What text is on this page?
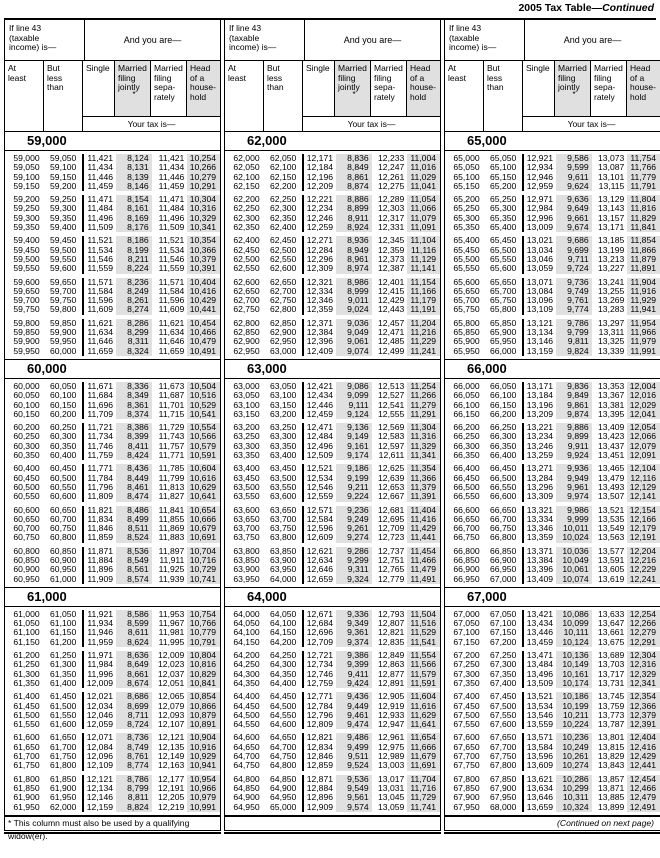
2005 Tax Table—Continued
If line 43
(taxable
income) is—
And you are—
At
least
But
less
than
Single Married
filing
jointly
*
Married
filing
sepa-
rately
Head
of a
house-
hold
Your tax is—
59,000
59,000	59,050	11,421	8,124	11,421 10,254
59,050	59,100	11,434	8,131	11,434 10,266
59,100	59,150	11,446	8,139	11,446 10,279
59,150	59,200	11,459	8,146	11,459 10,291
59,200	59,250	11,471	8,154	11,471 10,304
59,250	59,300	11,484	8,161	11,484 10,316
59,300	59,350	11,496	8,169	11,496 10,329
59,350	59,400	11,509	8,176	11,509 10,341
59,400	59,450	11,521	8,186	11,521 10,354
59,450	59,500	11,534	8,199	11,534 10,366
59,500	59,550	11,546	8,211	11,546 10,379
59,550	59,600	11,559	8,224	11,559 10,391
59,600	59,650	11,571	8,236	11,571 10,404
59,650	59,700	11,584	8,249	11,584 10,416
59,700	59,750	11,596	8,261	11,596 10,429
59,750	59,800	11,609	8,274	11,609 10,441
59,800	59,850	11,621	8,286	11,621 10,454
59,850	59,900	11,634	8,299	11,634 10,466
59,900	59,950	11,646	8,311	11,646 10,479
59,950	60,000	11,659	8,324	11,659 10,491
60,000
60,000	60,050	11,671	8,336	11,673 10,504
60,050	60,100	11,684	8,349	11,687 10,516
60,100	60,150	11,696	8,361	11,701 10,529
60,150	60,200	11,709	8,374	11,715 10,541
60,200	60,250	11,721	8,386	11,729 10,554
60,250	60,300	11,734	8,399	11,743 10,566
60,300	60,350	11,746	8,411	11,757 10,579
60,350	60,400	11,759	8,424	11,771 10,591
60,400	60,450	11,771	8,436	11,785 10,604
60,450	60,500	11,784	8,449	11,799 10,616
60,500	60,550	11,796	8,461	11,813 10,629
60,550	60,600	11,809	8,474	11,827 10,641
60,600	60,650	11,821	8,486	11,841 10,654
60,650	60,700	11,834	8,499	11,855 10,666
60,700	60,750	11,846	8,511	11,869 10,679
60,750	60,800	11,859	8,524	11,883 10,691
60,800	60,850	11,871	8,536	11,897 10,704
60,850	60,900	11,884	8,549	11,911 10,716
60,900	60,950	11,896	8,561	11,925 10,729
60,950	61,000	11,909	8,574	11,939 10,741
61,000
61,000	61,050	11,921	8,586	11,953 10,754
61,050	61,100	11,934	8,599	11,967 10,766
61,100	61,150	11,946	8,611	11,981 10,779
61,150	61,200	11,959	8,624	11,995 10,791
61,200	61,250	11,971	8,636	12,009 10,804
61,250	61,300	11,984	8,649	12,023 10,816
61,300	61,350	11,996	8,661	12,037 10,829
61,350	61,400	12,009	8,674	12,051 10,841
61,400	61,450	12,021	8,686	12,065 10,854
61,450	61,500	12,034	8,699	12,079 10,866
61,500	61,550	12,046	8,711	12,093 10,879
61,550	61,600	12,059	8,724	12,107 10,891
61,600	61,650	12,071	8,736	12,121 10,904
61,650	61,700	12,084	8,749	12,135 10,916
61,700	61,750	12,096	8,761	12,149 10,929
61,750	61,800	12,109	8,774	12,163 10,941
61,800	61,850	12,121	8,786	12,177 10,954
61,850	61,900	12,134	8,799	12,191 10,966
61,900	61,950	12,146	8,811	12,205 10,979
61,950	62,000	12,159	8,824	12,219 10,991
* This column must also be used by a qualifying widow(er).
If line 43
(taxable
income) is—
And you are—
At
least
But
less
than
Single Married
filing
jointly
*
Married
filing
sepa-
rately
Head
of a
house-
hold
Your tax is—
62,000
62,000	62,050	12,171	8,836	12,233 11,004
62,050	62,100	12,184	8,849	12,247 11,016
62,100	62,150	12,196	8,861	12,261 11,029
62,150	62,200	12,209	8,874	12,275 11,041
62,200	62,250	12,221	8,886	12,289 11,054
62,250	62,300	12,234	8,899	12,303 11,066
62,300	62,350	12,246	8,911	12,317 11,079
62,350	62,400	12,259	8,924	12,331 11,091
62,400	62,450	12,271	8,936	12,345 11,104
62,450	62,500	12,284	8,949	12,359 11,116
62,500	62,550	12,296	8,961	12,373 11,129
62,550	62,600	12,309	8,974	12,387 11,141
62,600	62,650	12,321	8,986	12,401 11,154
62,650	62,700	12,334	8,999	12,415 11,166
62,700	62,750	12,346	9,011	12,429 11,179
62,750	62,800	12,359	9,024	12,443 11,191
62,800	62,850	12,371	9,036	12,457 11,204
62,850	62,900	12,384	9,049	12,471 11,216
62,900	62,950	12,396	9,061	12,485 11,229
62,950	63,000	12,409	9,074	12,499 11,241
63,000
63,000	63,050	12,421	9,086	12,513 11,254
63,050	63,100	12,434	9,099	12,527 11,266
63,100	63,150	12,446	9,111	12,541 11,279
63,150	63,200	12,459	9,124	12,555 11,291
63,200	63,250	12,471	9,136	12,569 11,304
63,250	63,300	12,484	9,149	12,583 11,316
63,300	63,350	12,496	9,161	12,597 11,329
63,350	63,400	12,509	9,174	12,611 11,341
63,400	63,450	12,521	9,186	12,625 11,354
63,450	63,500	12,534	9,199	12,639 11,366
63,500	63,550	12,546	9,211	12,653 11,379
63,550	63,600	12,559	9,224	12,667 11,391
63,600	63,650	12,571	9,236	12,681 11,404
63,650	63,700	12,584	9,249	12,695 11,416
63,700	63,750	12,596	9,261	12,709 11,429
63,750	63,800	12,609	9,274	12,723 11,441
63,800	63,850	12,621	9,286	12,737 11,454
63,850	63,900	12,634	9,299	12,751 11,466
63,900	63,950	12,646	9,311	12,765 11,479
63,950	64,000	12,659	9,324	12,779 11,491
64,000
64,000	64,050	12,671	9,336	12,793 11,504
64,050	64,100	12,684	9,349	12,807 11,516
64,100	64,150	12,696	9,361	12,821 11,529
64,150	64,200	12,709	9,374	12,835 11,541
64,200	64,250	12,721	9,386	12,849 11,554
64,250	64,300	12,734	9,399	12,863 11,566
64,300	64,350	12,746	9,411	12,877 11,579
64,350	64,400	12,759	9,424	12,891 11,591
64,400	64,450	12,771	9,436	12,905 11,604
64,450	64,500	12,784	9,449	12,919 11,616
64,500	64,550	12,796	9,461	12,933 11,629
64,550	64,600	12,809	9,474	12,947 11,641
64,600	64,650	12,821	9,486	12,961 11,654
64,650	64,700	12,834	9,499	12,975 11,666
64,700	64,750	12,846	9,511	12,989 11,679
64,750	64,800	12,859	9,524	13,003 11,691
64,800	64,850	12,871	9,536	13,017 11,704
64,850	64,900	12,884	9,549	13,031 11,716
64,900	64,950	12,896	9,561	13,045 11,729
64,950	65,000	12,909	9,574	13,059 11,741

If line 43
(taxable
income) is—
And you are—
At
least
But
less
than
Single Married
filing
jointly
*
Married
filing
sepa-
rately
Head
of a
house-
hold
Your tax is—
65,000
65,000	65,050	12,921	9,586	13,073 11,754
65,050	65,100	12,934	9,599	13,087 11,766
65,100	65,150	12,946	9,611	13,101 11,779
65,150	65,200	12,959	9,624	13,115 11,791
65,200	65,250	12,971	9,636	13,129 11,804
65,250	65,300	12,984	9,649	13,143 11,816
65,300	65,350	12,996	9,661	13,157 11,829
65,350	65,400	13,009	9,674	13,171 11,841
65,400	65,450	13,021	9,686	13,185 11,854
65,450	65,500	13,034	9,699	13,199 11,866
65,500	65,550	13,046	9,711	13,213 11,879
65,550	65,600	13,059	9,724	13,227 11,891
65,600	65,650	13,071	9,736	13,241 11,904
65,650	65,700	13,084	9,749	13,255 11,916
65,700	65,750	13,096	9,761	13,269 11,929
65,750	65,800	13,109	9,774	13,283 11,941
65,800	65,850	13,121	9,786	13,297 11,954
65,850	65,900	13,134	9,799	13,311 11,966
65,900	65,950	13,146	9,811	13,325 11,979
65,950	66,000	13,159	9,824	13,339 11,991
66,000
66,000	66,050	13,171	9,836	13,353 12,004
66,050	66,100	13,184	9,849	13,367 12,016
66,100	66,150	13,196	9,861	13,381 12,029
66,150	66,200	13,209	9,874	13,395 12,041
66,200	66,250	13,221	9,886	13,409 12,054
66,250	66,300	13,234	9,899	13,423 12,066
66,300	66,350	13,246	9,911	13,437 12,079
66,350	66,400	13,259	9,924	13,451 12,091
66,400	66,450	13,271	9,936	13,465 12,104
66,450	66,500	13,284	9,949	13,479 12,116
66,500	66,550	13,296	9,961	13,493 12,129
66,550	66,600	13,309	9,974	13,507 12,141
66,600	66,650	13,321	9,986	13,521 12,154
66,650	66,700	13,334	9,999	13,535 12,166
66,700	66,750	13,346	10,011	13,549 12,179
66,750	66,800	13,359	10,024	13,563 12,191
66,800	66,850	13,371	10,036	13,577 12,204
66,850	66,900	13,384	10,049	13,591 12,216
66,900	66,950	13,396	10,061	13,605 12,229
66,950	67,000	13,409	10,074	13,619 12,241
67,000
67,000	67,050	13,421	10,086	13,633 12,254
67,050	67,100	13,434	10,099	13,647 12,266
67,100	67,150	13,446	10,111	13,661 12,279
67,150	67,200	13,459	10,124	13,675 12,291
67,200	67,250	13,471	10,136	13,689 12,304
67,250	67,300	13,484	10,149	13,703 12,316
67,300	67,350	13,496	10,161	13,717 12,329
67,350	67,400	13,509	10,174	13,731 12,341
67,400	67,450	13,521	10,186	13,745 12,354
67,450	67,500	13,534	10,199	13,759 12,366
67,500	67,550	13,546	10,211	13,773 12,379
67,550	67,600	13,559	10,224	13,787 12,391
67,600	67,650	13,571	10,236	13,801 12,404
67,650	67,700	13,584	10,249	13,815 12,416
67,700	67,750	13,596	10,261	13,829 12,429
67,750	67,800	13,609	10,274	13,843 12,441
67,800	67,850	13,621	10,286	13,857 12,454
67,850	67,900	13,634	10,299	13,871 12,466
67,900	67,950	13,646	10,311	13,885 12,479
67,950	68,000	13,659	10,324	13,899 12,491
(Continued on next page)
